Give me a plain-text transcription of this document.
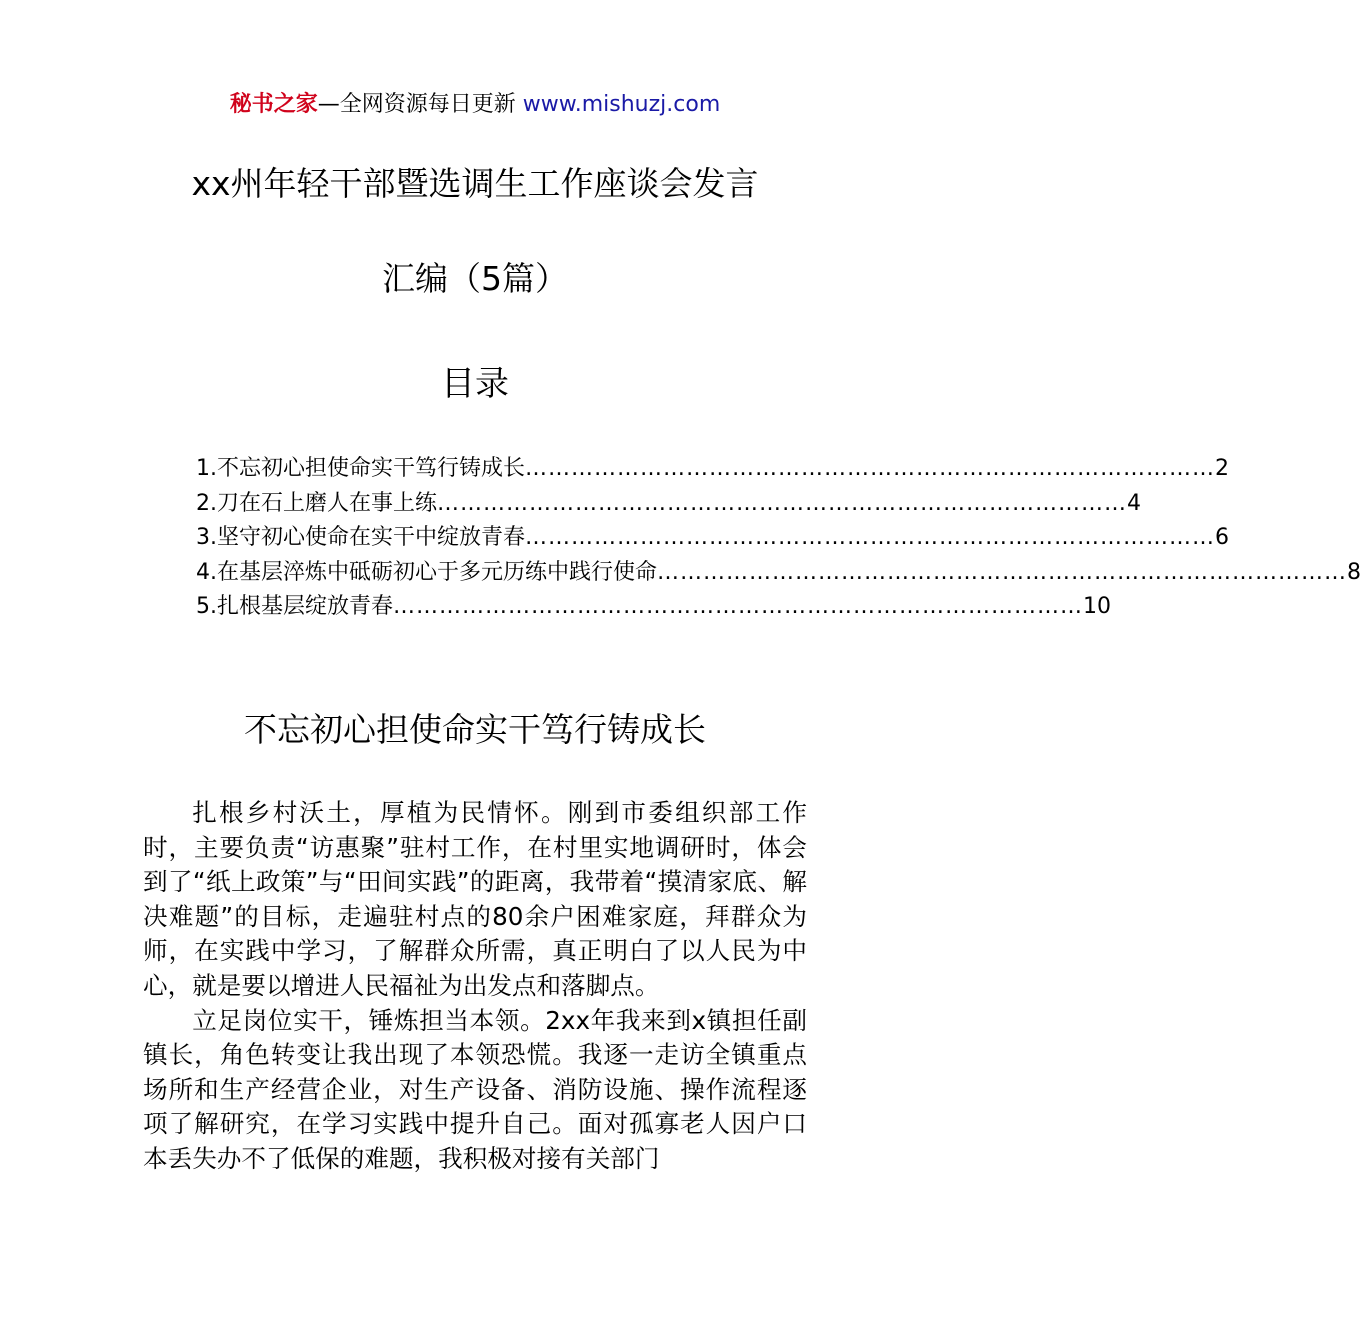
秘书之家—全网资源每日更新 www.mishuzj.com
xx州年轻干部暨选调生工作座谈会发言
汇编（5篇）
目录
1.不忘初心担使命实干笃行铸成长 ……………………………………………………………………………… 2
2.刀在石上磨人在事上练 ……………………………………………………………………………… 4
3.坚守初心使命在实干中绽放青春 ……………………………………………………………………………… 6
4.在基层淬炼中砥砺初心于多元历练中践行使命 ……………………………………………………………………………… 8
5.扎根基层绽放青春 ……………………………………………………………………………… 10
不忘初心担使命实干笃行铸成长

扎根乡村沃土，厚植为民情怀。刚到市委组织部工作时，主要负责“访惠聚”驻村工作，在村里实地调研时，体会到了“纸上政策”与“田间实践”的距离，我带着“摸清家底、解决难题”的目标，走遍驻村点的80余户困难家庭，拜群众为师，在实践中学习，了解群众所需，真正明白了以人民为中心，就是要以增进人民福祉为出发点和落脚点。

立足岗位实干，锤炼担当本领。2xx年我来到x镇担任副镇长，角色转变让我出现了本领恐慌。我逐一走访全镇重点场所和生产经营企业，对生产设备、消防设施、操作流程逐项了解研究，在学习实践中提升自己。面对孤寡老人因户口本丢失办不了低保的难题，我积极对接有关部门
